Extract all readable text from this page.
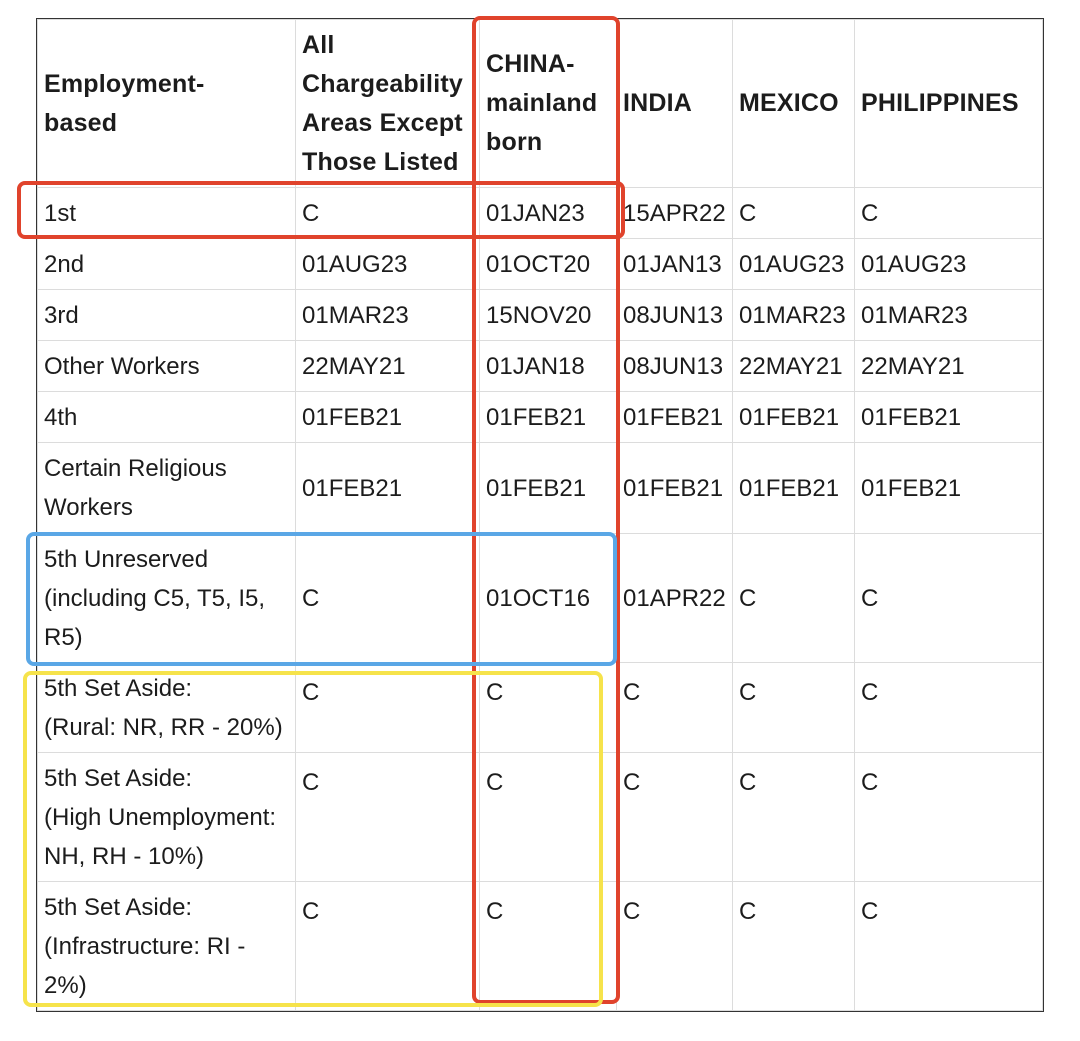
Employment-
based	All
Chargeability
Areas Except
Those Listed	CHINA-
mainland
born	INDIA	MEXICO	PHILIPPINES
1st	C	01JAN23	15APR22	C	C
2nd	01AUG23	01OCT20	01JAN13	01AUG23	01AUG23
3rd	01MAR23	15NOV20	08JUN13	01MAR23	01MAR23
Other Workers	22MAY21	01JAN18	08JUN13	22MAY21	22MAY21
4th	01FEB21	01FEB21	01FEB21	01FEB21	01FEB21
Certain Religious
Workers	01FEB21	01FEB21	01FEB21	01FEB21	01FEB21
5th Unreserved
(including C5, T5, I5,
R5)	C	01OCT16	01APR22	C	C
5th Set Aside:
(Rural: NR, RR - 20%)	C	C	C	C	C
5th Set Aside:
(High Unemployment:
NH, RH - 10%)	C	C	C	C	C
5th Set Aside:
(Infrastructure: RI -
2%)	C	C	C	C	C
